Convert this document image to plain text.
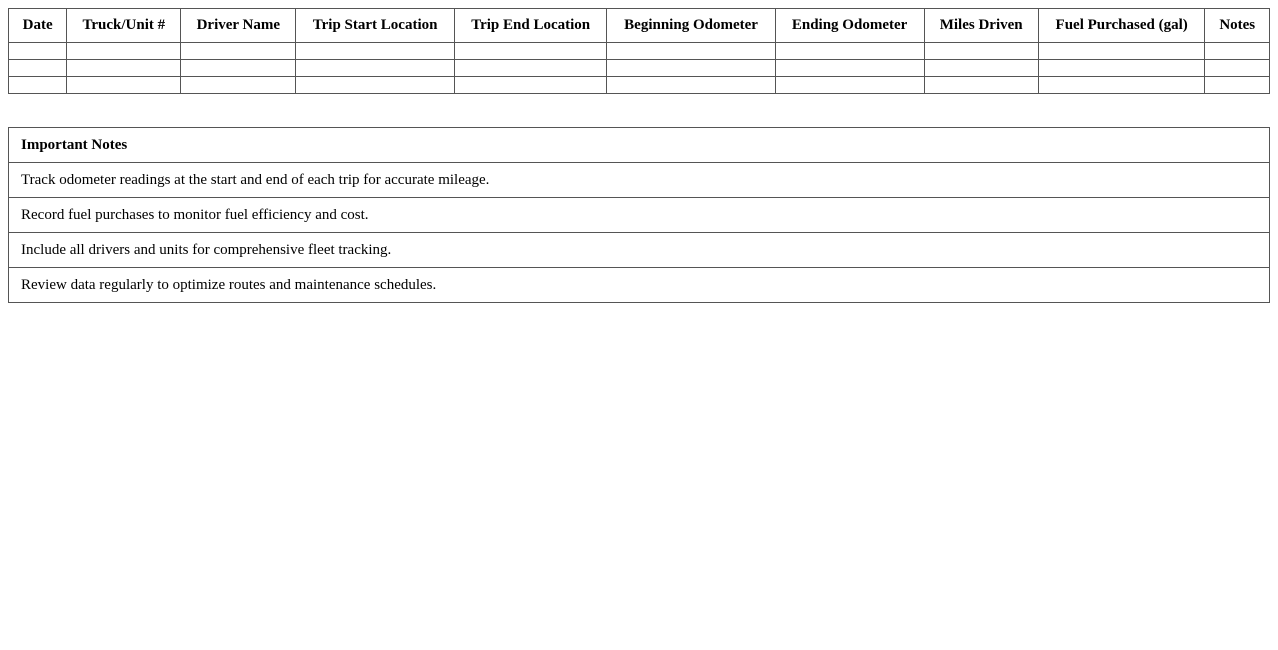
Date	Truck/Unit #	Driver Name	Trip Start Location	Trip End Location	Beginning Odometer	Ending Odometer	Miles Driven	Fuel Purchased (gal)	Notes

Important Notes
Track odometer readings at the start and end of each trip for accurate mileage.
Record fuel purchases to monitor fuel efficiency and cost.
Include all drivers and units for comprehensive fleet tracking.
Review data regularly to optimize routes and maintenance schedules.
